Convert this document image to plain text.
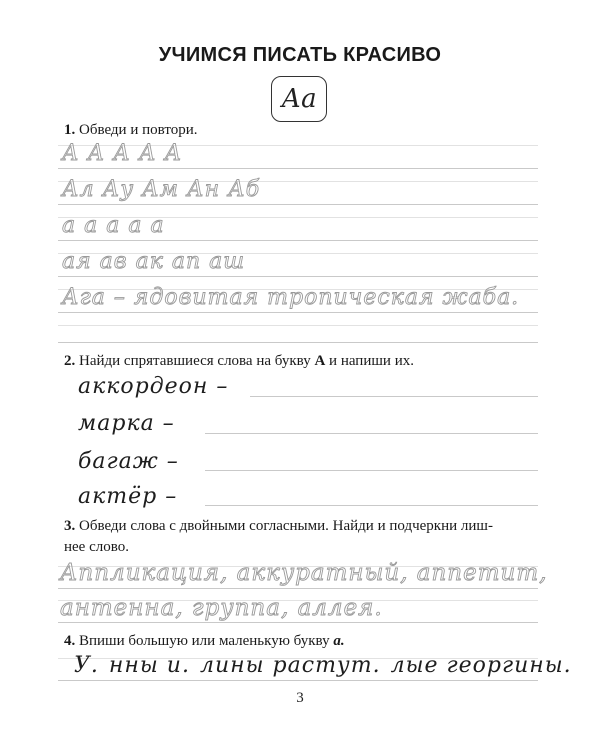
УЧИМСЯ ПИСАТЬ КРАСИВО
Аа
1. Обведи и повтори.
А А А А А
Ал Ау Ам Ан Аб
а а а а а
ая ав ак ап аш
Ага – ядовитая тропическая жаба.
2. Найди спрятавшиеся слова на букву А и напиши их.
аккордеон –
марка –
багаж –
актёр –
3. Обведи слова с двойными согласными. Найди и подчеркни лиш-
нее слово.
Аппликация, аккуратный, аппетит,
антенна, группа, аллея.
4. Впиши большую или маленькую букву а.
У. нны и. лины растут. лые георгины.
3
